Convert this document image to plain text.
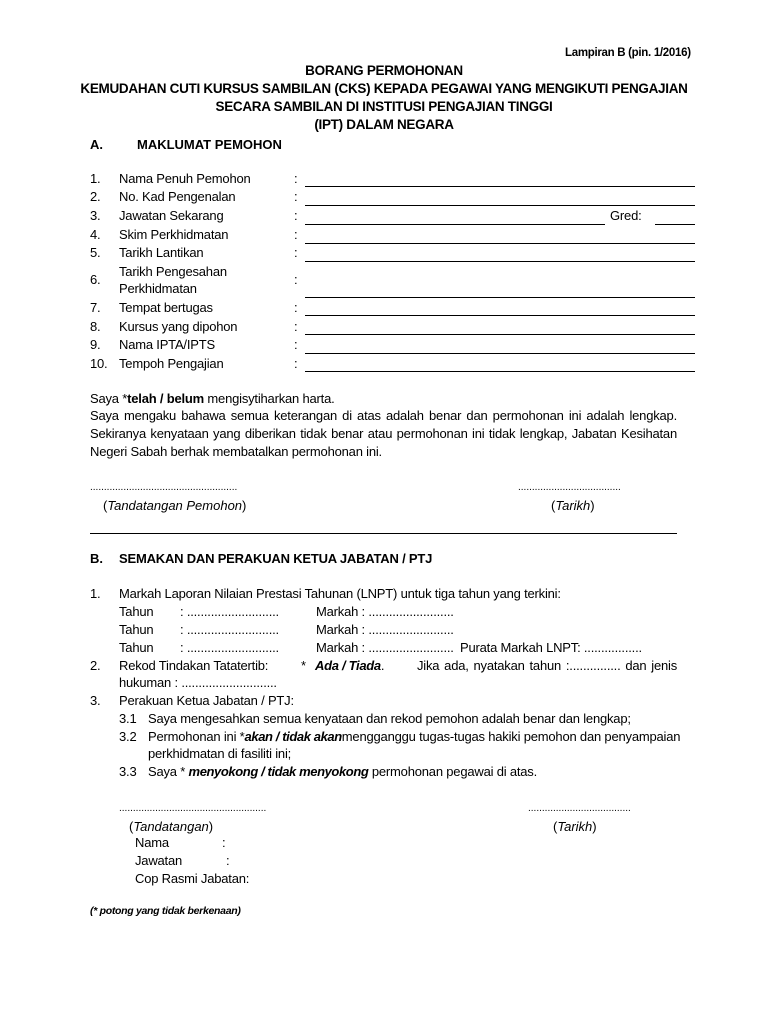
Lampiran B (pin. 1/2016)
BORANG PERMOHONAN
KEMUDAHAN CUTI KURSUS SAMBILAN (CKS) KEPADA PEGAWAI YANG MENGIKUTI PENGAJIAN
SECARA SAMBILAN DI INSTITUSI PENGAJIAN TINGGI
(IPT) DALAM NEGARA
A.	MAKLUMAT PEMOHON
1. Nama Penuh Pemohon	:
2. No. Kad Pengenalan	:
3. Jawatan Sekarang	:	Gred:
4. Skim Perkhidmatan	:
5. Tarikh Lantikan	:
6.
Tarikh Pengesahan
Perkhidmatan
:
7. Tempat bertugas	:
8. Kursus yang dipohon	:
9. Nama IPTA/IPTS	:
10. Tempoh Pengajian	:
Saya *telah / belum mengisytiharkan harta.
Saya mengaku bahawa semua keterangan di atas adalah benar dan permohonan ini adalah lengkap.
Sekiranya kenyataan yang diberikan tidak benar atau permohonan ini tidak lengkap, Jabatan Kesihatan
Negeri Sabah berhak membatalkan permohonan ini.
.....................................................	.....................................
(Tandatangan Pemohon)	(Tarikh)
B. SEMAKAN DAN PERAKUAN KETUA JABATAN / PTJ
1. Markah Laporan Nilaian Prestasi Tahunan (LNPT) untuk tiga tahun yang terkini:
Tahun : ...........................	Markah : .........................
Tahun : ...........................	Markah : .........................
Tahun : ...........................	Markah : ......................... Purata Markah LNPT: .................
2. Rekod Tindakan Tatatertib:	* Ada / Tiada.	Jika ada, nyatakan tahun :............... dan jenis
hukuman : ............................
3. Perakuan Ketua Jabatan / PTJ:
3.1 Saya mengesahkan semua kenyataan dan rekod pemohon adalah benar dan lengkap;
3.2 Permohonan ini * akan / tidak akan mengganggu tugas-tugas hakiki pemohon dan penyampaian
perkhidmatan di fasiliti ini;
3.3 Saya * menyokong / tidak menyokong permohonan pegawai di atas.
.....................................................	.....................................
(Tandatangan)	(Tarikh)
Nama	:
Jawatan	:
Cop Rasmi Jabatan:
(* potong yang tidak berkenaan)
